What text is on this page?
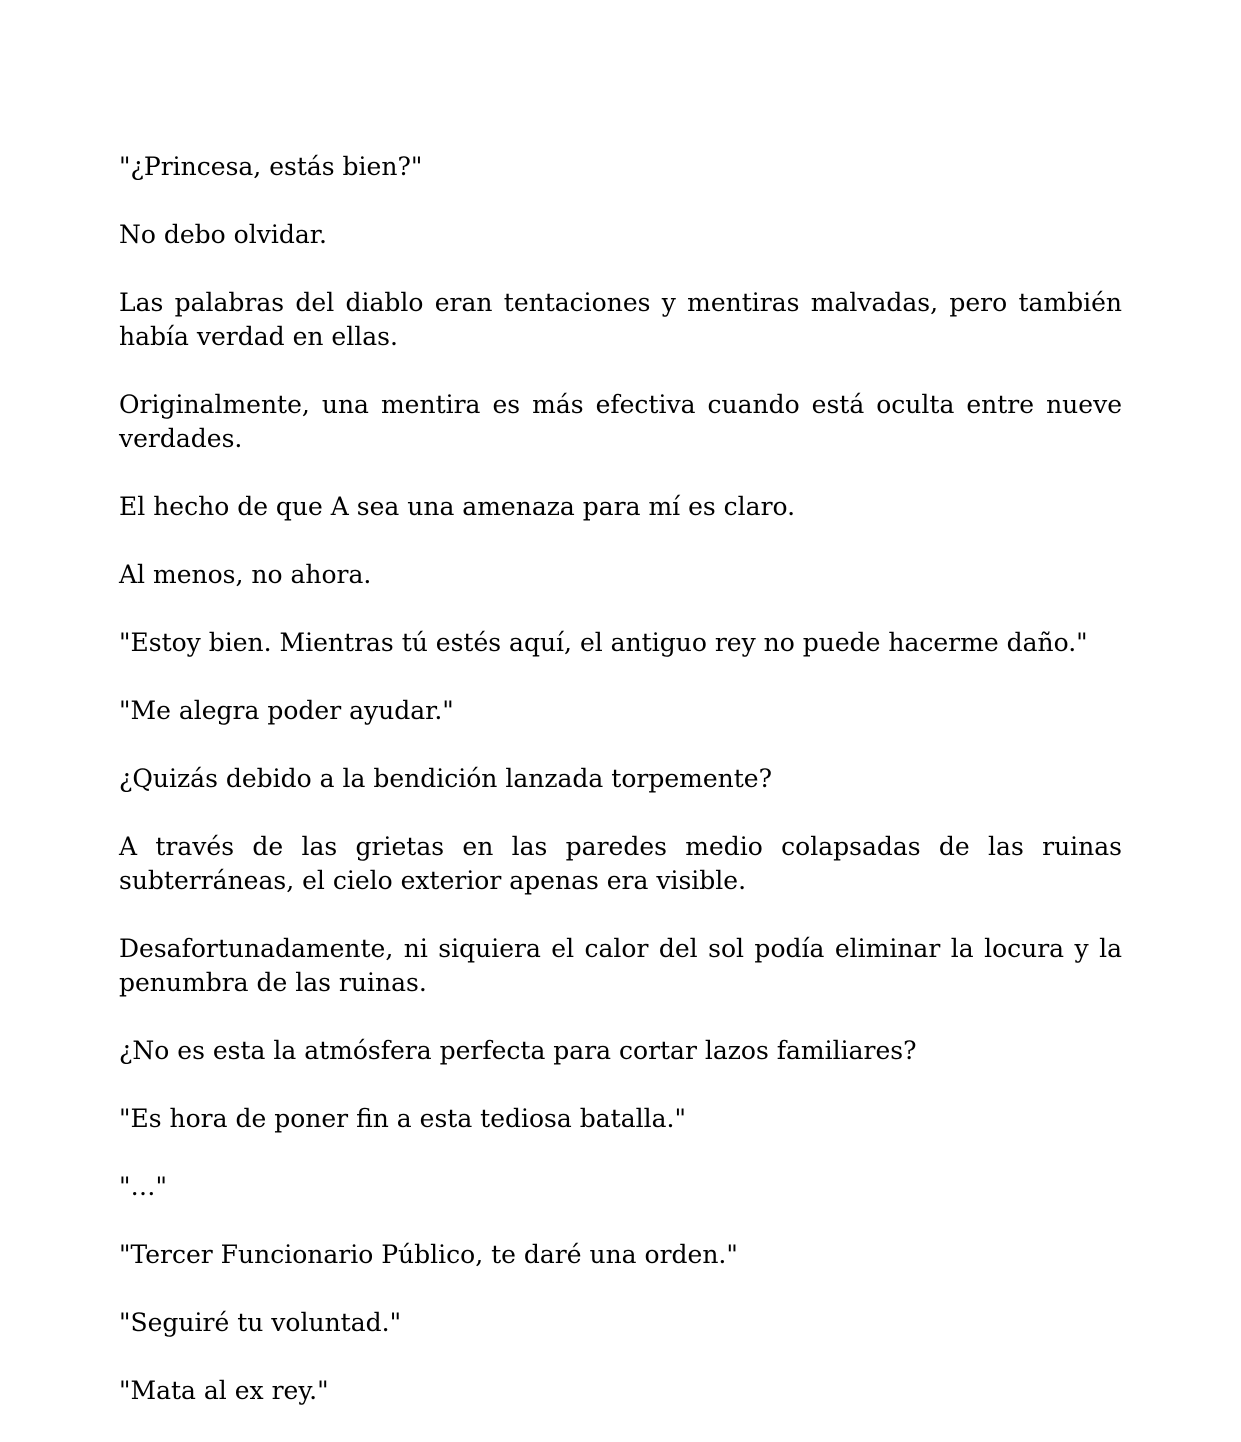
"¿Princesa, estás bien?"

No debo olvidar.

Las palabras del diablo eran tentaciones y mentiras malvadas, pero también había verdad en ellas.

Originalmente, una mentira es más efectiva cuando está oculta entre nueve verdades.

El hecho de que A sea una amenaza para mí es claro.

Al menos, no ahora.

"Estoy bien. Mientras tú estés aquí, el antiguo rey no puede hacerme daño."

"Me alegra poder ayudar."

¿Quizás debido a la bendición lanzada torpemente?

A través de las grietas en las paredes medio colapsadas de las ruinas subterráneas, el cielo exterior apenas era visible.

Desafortunadamente, ni siquiera el calor del sol podía eliminar la locura y la penumbra de las ruinas.

¿No es esta la atmósfera perfecta para cortar lazos familiares?

"Es hora de poner fin a esta tediosa batalla."

"…"

"Tercer Funcionario Público, te daré una orden."

"Seguiré tu voluntad."

"Mata al ex rey."
